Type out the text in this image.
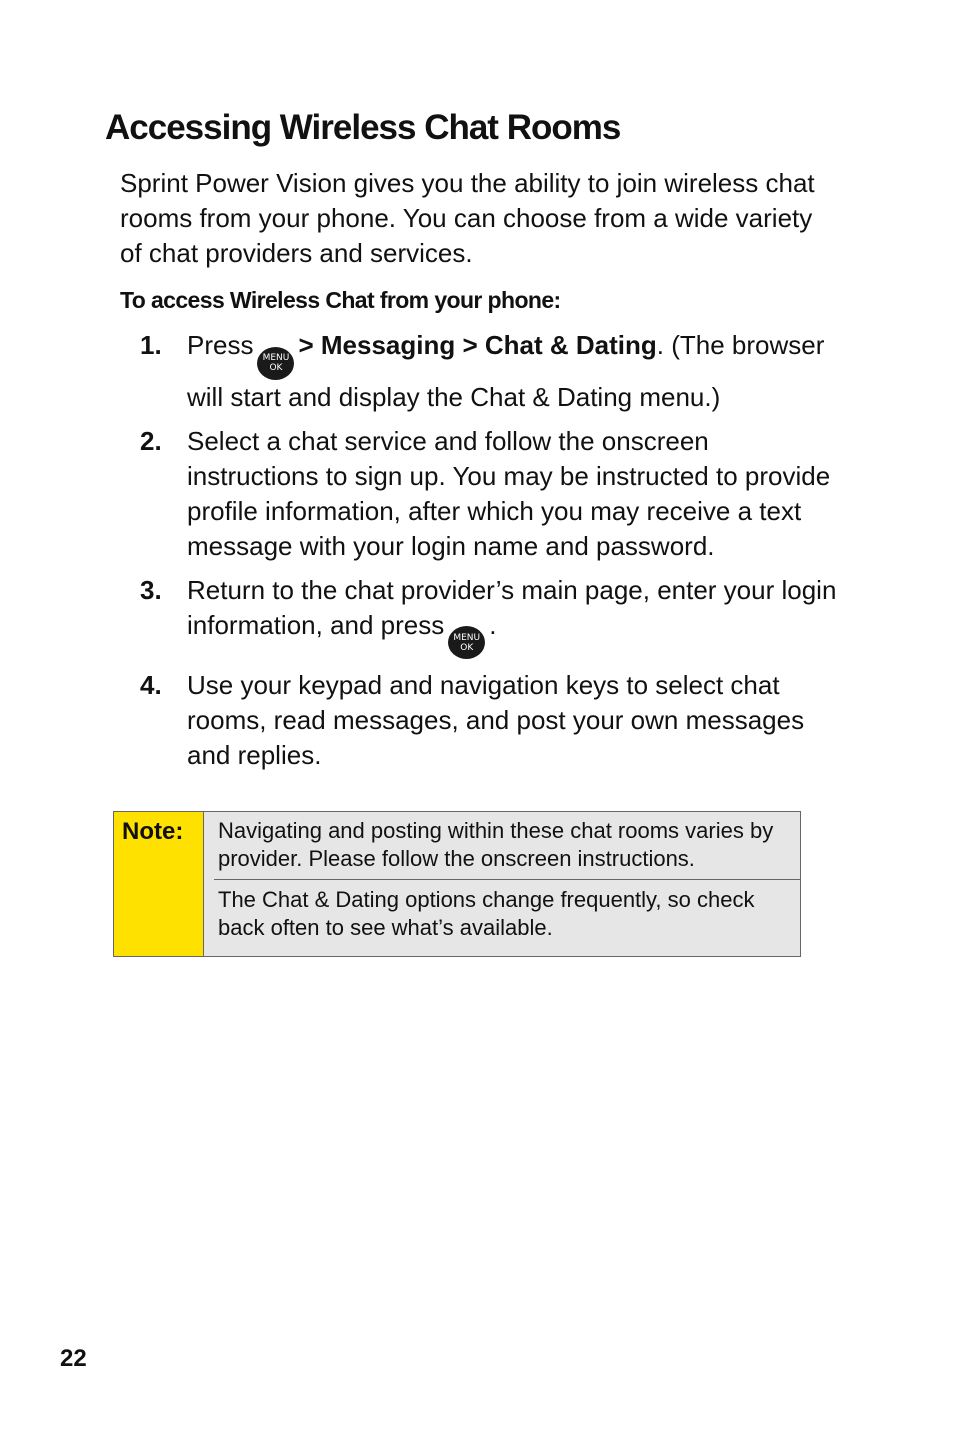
Accessing Wireless Chat Rooms

Sprint Power Vision gives you the ability to join wireless chat rooms from your phone. You can choose from a wide variety of chat providers and services.

To access Wireless Chat from your phone:

1. Press MENU
OK
> Messaging > Chat & Dating. (The browser will start and display the Chat & Dating menu.)
2. Select a chat service and follow the onscreen instructions to sign up. You may be instructed to provide profile information, after which you may receive a text message with your login name and password.
3. Return to the chat provider’s main page, enter your login information, and press MENU
OK
.
4. Use your keypad and navigation keys to select chat rooms, read messages, and post your own messages and replies.
Note:	Navigating and posting within these chat rooms varies by provider. Please follow the onscreen instructions.
The Chat & Dating options change frequently, so check back often to see what’s available.

22
